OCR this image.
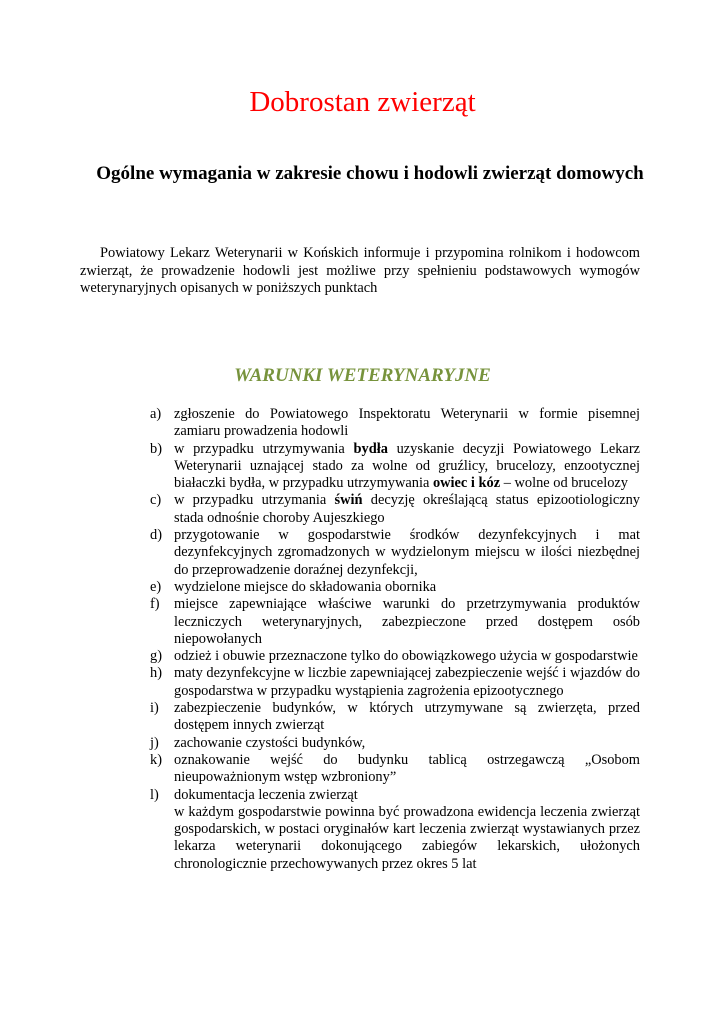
Dobrostan zwierząt
Ogólne wymagania w zakresie chowu i hodowli zwierząt domowych

Powiatowy Lekarz Weterynarii w Końskich informuje i przypomina rolnikom i hodowcom zwierząt, że prowadzenie hodowli jest możliwe przy spełnieniu podstawowych wymogów weterynaryjnych opisanych w poniższych punktach

WARUNKI WETERYNARYJNE
a) zgłoszenie do Powiatowego Inspektoratu Weterynarii w formie pisemnej zamiaru prowadzenia hodowli
b) w przypadku utrzymywania bydła uzyskanie decyzji Powiatowego Lekarz Weterynarii uznającej stado za wolne od gruźlicy, brucelozy, enzootycznej białaczki bydła, w przypadku utrzymywania owiec i kóz – wolne od brucelozy
c) w przypadku utrzymania świń decyzję określającą status epizootiologiczny stada odnośnie choroby Aujeszkiego
d) przygotowanie w gospodarstwie środków dezynfekcyjnych i mat dezynfekcyjnych zgromadzonych w wydzielonym miejscu w ilości niezbędnej do przeprowadzenie doraźnej dezynfekcji,
e) wydzielone miejsce do składowania obornika
f) miejsce zapewniające właściwe warunki do przetrzymywania produktów leczniczych weterynaryjnych, zabezpieczone przed dostępem osób niepowołanych
g) odzież i obuwie przeznaczone tylko do obowiązkowego użycia w gospodarstwie
h) maty dezynfekcyjne w liczbie zapewniającej zabezpieczenie wejść i wjazdów do gospodarstwa w przypadku wystąpienia zagrożenia epizootycznego
i) zabezpieczenie budynków, w których utrzymywane są zwierzęta, przed dostępem innych zwierząt
j) zachowanie czystości budynków,
k) oznakowanie wejść do budynku tablicą ostrzegawczą „Osobom nieupoważnionym wstęp wzbroniony”
l) dokumentacja leczenia zwierząt
w każdym gospodarstwie powinna być prowadzona ewidencja leczenia zwierząt gospodarskich, w postaci oryginałów kart leczenia zwierząt wystawianych przez lekarza weterynarii dokonującego zabiegów lekarskich, ułożonych chronologicznie przechowywanych przez okres 5 lat
